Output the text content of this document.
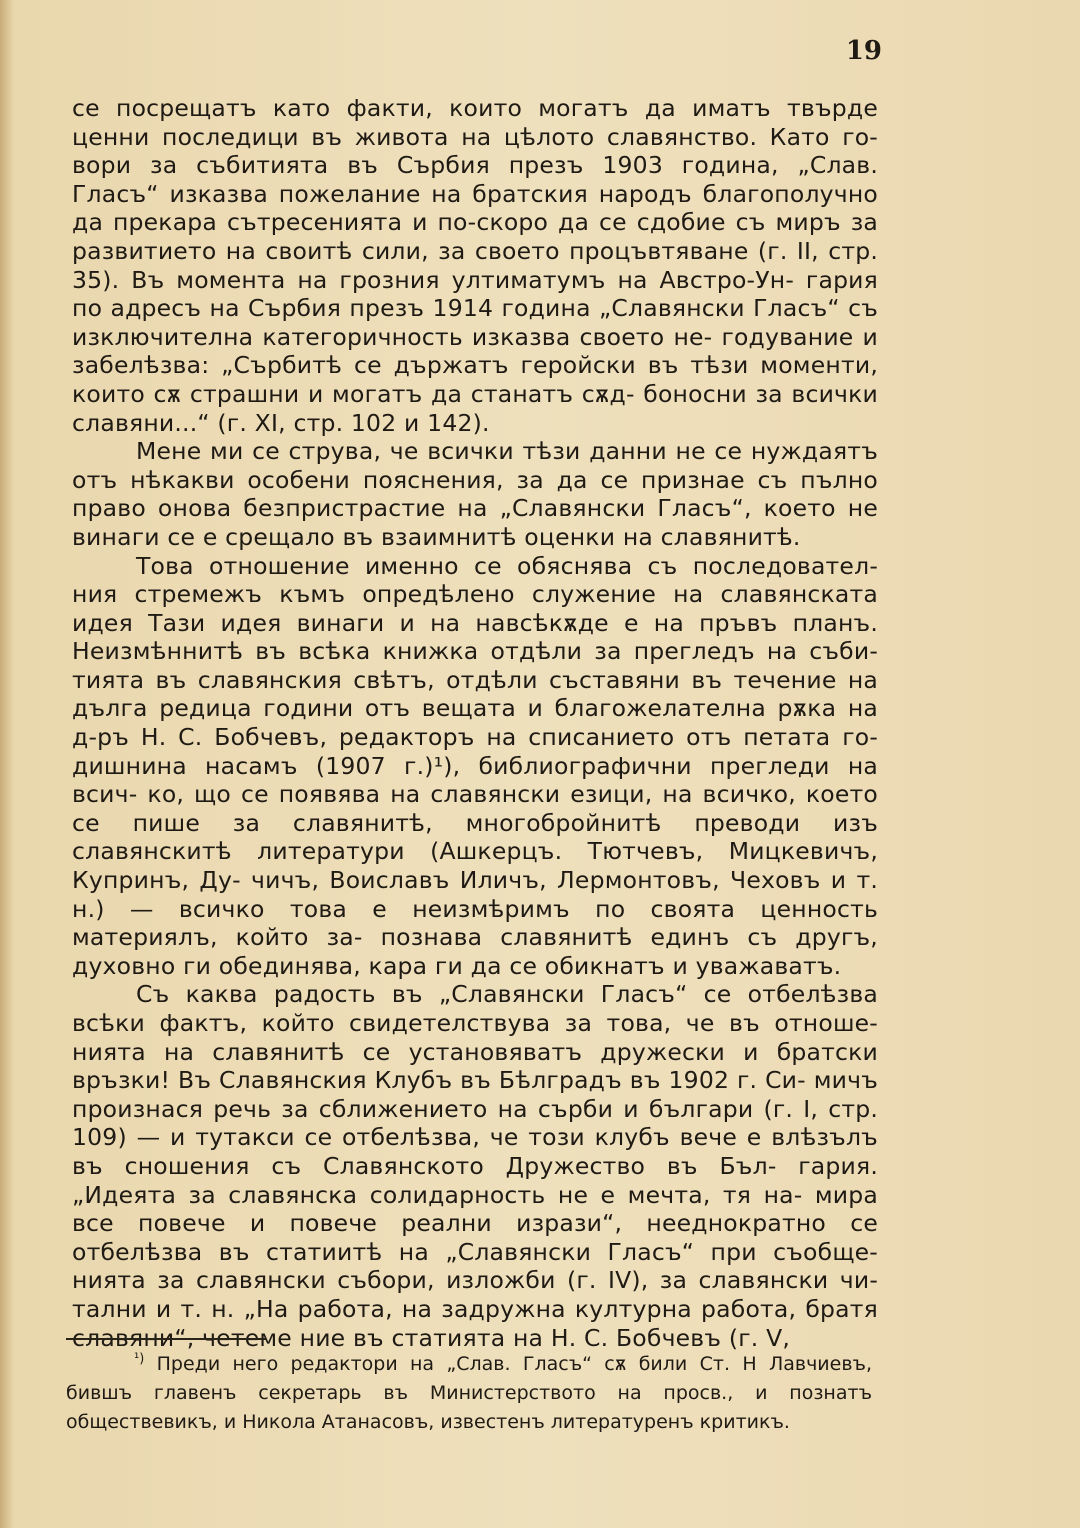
19

се посрещатъ като факти, които могатъ да иматъ твърде ценни последици въ живота на цѣлото славянство. Като го- вори за събитията въ Сърбия презъ 1903 година, „Слав. Гласъ“ изказва пожелание на братския народъ благополучно да прекара сътресенията и по-скоро да се сдобие съ миръ за развитието на своитѣ сили, за своето процъвтяване (г. II, стр. 35). Въ момента на грозния ултиматумъ на Австро-Ун- гария по адресъ на Сърбия презъ 1914 година „Славянски Гласъ“ съ изключителна категоричность изказва своето не- годувание и забелѣзва: „Сърбитѣ се държатъ геройски въ тѣзи моменти, които сѫ страшни и могатъ да станатъ сѫд- боносни за всички славяни...“ (г. XI, стр. 102 и 142).

Мене ми се струва, че всички тѣзи данни не се нуждаятъ отъ нѣкакви особени пояснения, за да се признае съ пълно право онова безпристрастие на „Славянски Гласъ“, което не винаги се е срещало въ взаимнитѣ оценки на славянитѣ.

Това отношение именно се обяснява съ последовател- ния стремежъ къмъ опредѣлено служение на славянската идея Тази идея винаги и на навсѣкѫде е на пръвъ планъ. Неизмѣннитѣ въ всѣка книжка отдѣли за прегледъ на съби- тията въ славянския свѣтъ, отдѣли съставяни въ течение на дълга редица години отъ вещата и благожелателна рѫка на д-ръ Н. С. Бобчевъ, редакторъ на списанието отъ петата го- дишнина насамъ (1907 г.)¹), библиографични прегледи на всич- ко, що се появява на славянски езици, на всичко, което се пише за славянитѣ, многобройнитѣ преводи изъ славянскитѣ литератури (Ашкерцъ. Тютчевъ, Мицкевичъ, Купринъ, Ду- чичъ, Воиславъ Иличъ, Лермонтовъ, Чеховъ и т. н.) — всичко това е неизмѣримъ по своята ценность материялъ, който за- познава славянитѣ единъ съ другъ, духовно ги обединява, кара ги да се обикнатъ и уважаватъ.

Съ каква радость въ „Славянски Гласъ“ се отбелѣзва всѣки фактъ, който свидетелствува за това, че въ отноше- нията на славянитѣ се установяватъ дружески и братски връзки! Въ Славянския Клубъ въ Бѣлградъ въ 1902 г. Си- мичъ произнася речь за сближението на сърби и българи (г. I, стр. 109) — и тутакси се отбелѣзва, че този клубъ вече е влѣзълъ въ сношения съ Славянското Дружество въ Бъл- гария. „Идеята за славянска солидарность не е мечта, тя на- мира все повече и повече реални изрази“, нееднократно се отбелѣзва въ статиитѣ на „Славянски Гласъ“ при съобще- нията за славянски събори, изложби (г. IV), за славянски чи- тални и т. н. „На работа, на задружна културна работа, братя славяни“, четеме ние въ статията на Н. С. Бобчевъ (г. V,

$^{^1)}$ Преди него редактори на „Слав. Гласъ“ сѫ били Ст. Н Лавчиевъ, бившъ главенъ секретарь въ Министерството на просв., и познатъ обществевикъ, и Никола Атанасовъ, известенъ литературенъ критикъ.
